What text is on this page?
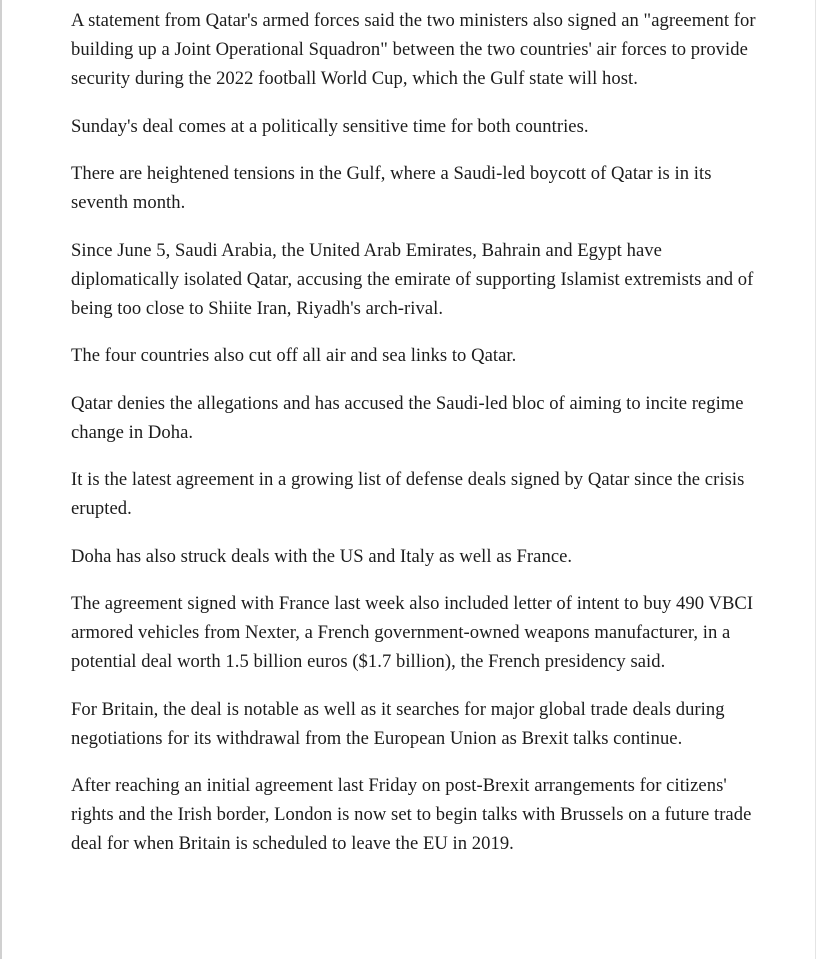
A statement from Qatar's armed forces said the two ministers also signed an "agreement for building up a Joint Operational Squadron" between the two countries' air forces to provide security during the 2022 football World Cup, which the Gulf state will host.

Sunday's deal comes at a politically sensitive time for both countries.

There are heightened tensions in the Gulf, where a Saudi-led boycott of Qatar is in its seventh month.

Since June 5, Saudi Arabia, the United Arab Emirates, Bahrain and Egypt have diplomatically isolated Qatar, accusing the emirate of supporting Islamist extremists and of being too close to Shiite Iran, Riyadh's arch-rival.

The four countries also cut off all air and sea links to Qatar.

Qatar denies the allegations and has accused the Saudi-led bloc of aiming to incite regime change in Doha.

It is the latest agreement in a growing list of defense deals signed by Qatar since the crisis erupted.

Doha has also struck deals with the US and Italy as well as France.

The agreement signed with France last week also included letter of intent to buy 490 VBCI armored vehicles from Nexter, a French government-owned weapons manufacturer, in a potential deal worth 1.5 billion euros ($1.7 billion), the French presidency said.

For Britain, the deal is notable as well as it searches for major global trade deals during negotiations for its withdrawal from the European Union as Brexit talks continue.

After reaching an initial agreement last Friday on post-Brexit arrangements for citizens' rights and the Irish border, London is now set to begin talks with Brussels on a future trade deal for when Britain is scheduled to leave the EU in 2019.
